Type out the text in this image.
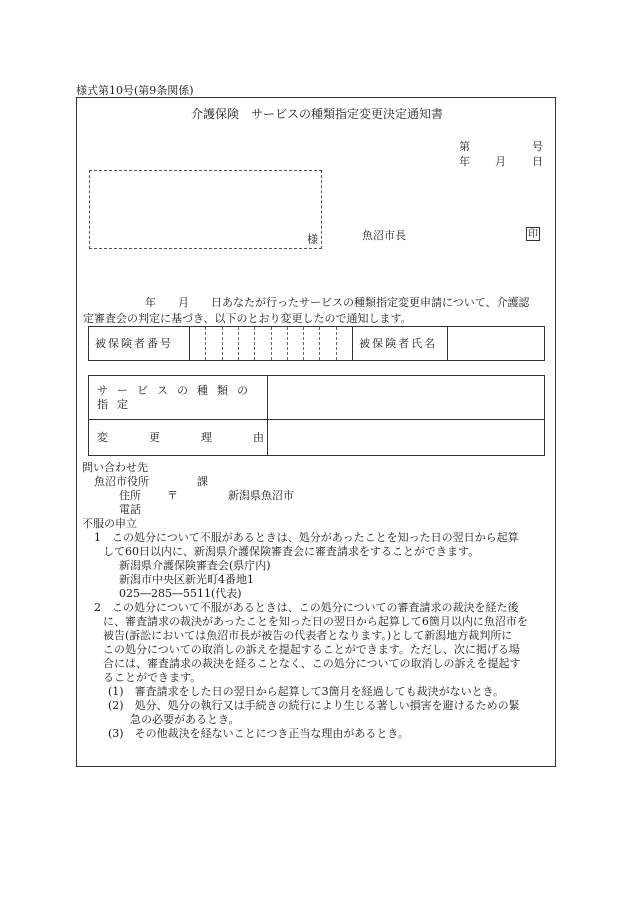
様式第10号(第9条関係)
介護保険　サービスの種類指定変更決定通知書
第	号
年 月 日
様	魚沼市長	印
年　　月　　日あなたが行ったサービスの種類指定変更申請について、介護認
定審査会の判定に基づき、以下のとおり変更したので通知します。
被保険者番号											被保険者氏名	
サービスの種類の指定	
変 更 理 由	
問い合わせ先
魚沼市役所	課
住所 〒	新潟県魚沼市
電話
不服の申立
1　この処分について不服があるときは、処分があったことを知った日の翌日から起算
して60日以内に、新潟県介護保険審査会に審査請求をすることができます。
新潟県介護保険審査会(県庁内)
新潟市中央区新光町4番地1
025―285―5511(代表)
2　この処分について不服があるときは、この処分についての審査請求の裁決を経た後
に、審査請求の裁決があったことを知った日の翌日から起算して6箇月以内に魚沼市を
被告(訴訟においては魚沼市長が被告の代表者となります。)として新潟地方裁判所に
この処分についての取消しの訴えを提起することができます。ただし、次に掲げる場
合には、審査請求の裁決を経ることなく、この処分についての取消しの訴えを提起す
ることができます。
(1)　審査請求をした日の翌日から起算して3箇月を経過しても裁決がないとき。
(2)　処分、処分の執行又は手続きの続行により生じる著しい損害を避けるための緊
急の必要があるとき。
(3)　その他裁決を経ないことにつき正当な理由があるとき。
